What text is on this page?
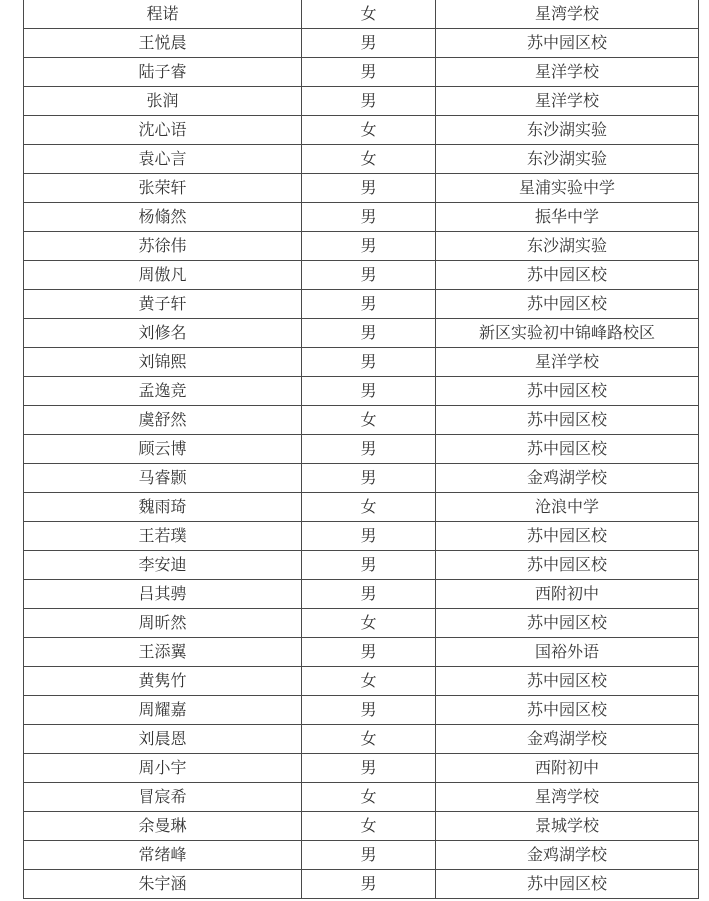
程诺	女	星湾学校
王悦晨	男	苏中园区校
陆子睿	男	星洋学校
张润	男	星洋学校
沈心语	女	东沙湖实验
袁心言	女	东沙湖实验
张荣轩	男	星浦实验中学
杨翛然	男	振华中学
苏徐伟	男	东沙湖实验
周傲凡	男	苏中园区校
黄子轩	男	苏中园区校
刘修名	男	新区实验初中锦峰路校区
刘锦熙	男	星洋学校
孟逸竞	男	苏中园区校
虞舒然	女	苏中园区校
顾云博	男	苏中园区校
马睿颢	男	金鸡湖学校
魏雨琦	女	沧浪中学
王若璞	男	苏中园区校
李安迪	男	苏中园区校
吕其骋	男	西附初中
周昕然	女	苏中园区校
王添翼	男	国裕外语
黄隽竹	女	苏中园区校
周耀嘉	男	苏中园区校
刘晨恩	女	金鸡湖学校
周小宇	男	西附初中
冒宸希	女	星湾学校
余曼琳	女	景城学校
常绪峰	男	金鸡湖学校
朱宇涵	男	苏中园区校
